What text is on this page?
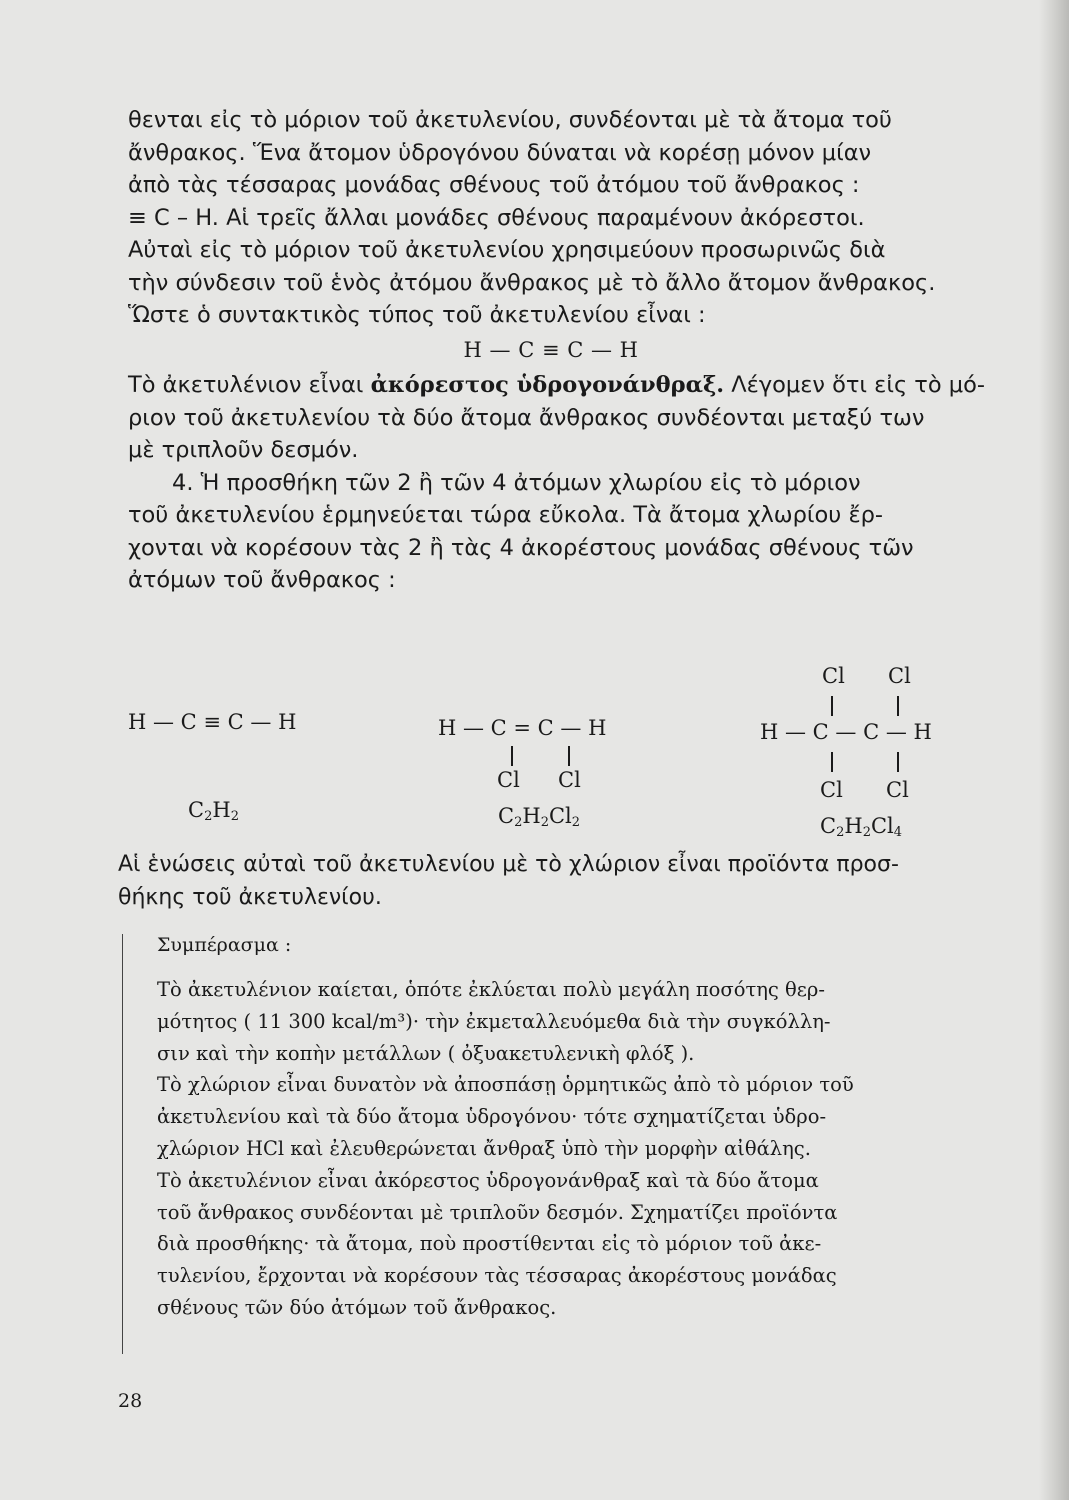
θενται εἰς τὸ μόριον τοῦ ἀκετυλενίου, συνδέονται μὲ τὰ ἄτομα τοῦ
ἄνθρακος. Ἕνα ἄτομον ὑδρογόνου δύναται νὰ κορέσῃ μόνον μίαν
ἀπὸ τὰς τέσσαρας μονάδας σθένους τοῦ ἀτόμου τοῦ ἄνθρακος :
≡ C – H. Αἱ τρεῖς ἄλλαι μονάδες σθένους παραμένουν ἀκόρεστοι.
Αὐταὶ εἰς τὸ μόριον τοῦ ἀκετυλενίου χρησιμεύουν προσωρινῶς διὰ
τὴν σύνδεσιν τοῦ ἑνὸς ἀτόμου ἄνθρακος μὲ τὸ ἄλλο ἄτομον ἄνθρακος.
Ὥστε ὁ συντακτικὸς τύπος τοῦ ἀκετυλενίου εἶναι :
H — C ≡ C — H
Τὸ ἀκετυλένιον εἶναι ἀκόρεστος ὑδρογονάνθραξ. Λέγομεν ὅτι εἰς τὸ μό-
ριον τοῦ ἀκετυλενίου τὰ δύο ἄτομα ἄνθρακος συνδέονται μεταξύ των
μὲ τριπλοῦν δεσμόν.
4. Ἡ προσθήκη τῶν 2 ἢ τῶν 4 ἀτόμων χλωρίου εἰς τὸ μόριον
τοῦ ἀκετυλενίου ἑρμηνεύεται τώρα εὔκολα. Τὰ ἄτομα χλωρίου ἔρ-
χονται νὰ κορέσουν τὰς 2 ἢ τὰς 4 ἀκορέστους μονάδας σθένους τῶν
ἀτόμων τοῦ ἄνθρακος :
H — C ≡ C — H
$C_2H_2$
H — C = C — H
Cl Cl
$C_2H_2Cl_2$
Cl Cl
H — C — C — H
Cl Cl
$C_2H_2Cl_4$
Αἱ ἑνώσεις αὐταὶ τοῦ ἀκετυλενίου μὲ τὸ χλώριον εἶναι προϊόντα προσ-
θήκης τοῦ ἀκετυλενίου.
Συμπέρασμα :
Τὸ ἀκετυλένιον καίεται, ὁπότε ἐκλύεται πολὺ μεγάλη ποσότης θερ-
μότητος ( 11 300 kcal/m³)· τὴν ἐκμεταλλευόμεθα διὰ τὴν συγκόλλη-
σιν καὶ τὴν κοπὴν μετάλλων ( ὀξυακετυλενικὴ φλόξ ).
Τὸ χλώριον εἶναι δυνατὸν νὰ ἀποσπάσῃ ὁρμητικῶς ἀπὸ τὸ μόριον τοῦ
ἀκετυλενίου καὶ τὰ δύο ἄτομα ὑδρογόνου· τότε σχηματίζεται ὑδρο-
χλώριον HCl καὶ ἐλευθερώνεται ἄνθραξ ὑπὸ τὴν μορφὴν αἰθάλης.
Τὸ ἀκετυλένιον εἶναι ἀκόρεστος ὑδρογονάνθραξ καὶ τὰ δύο ἄτομα
τοῦ ἄνθρακος συνδέονται μὲ τριπλοῦν δεσμόν. Σχηματίζει προϊόντα
διὰ προσθήκης· τὰ ἄτομα, ποὺ προστίθενται εἰς τὸ μόριον τοῦ ἀκε-
τυλενίου, ἔρχονται νὰ κορέσουν τὰς τέσσαρας ἀκορέστους μονάδας
σθένους τῶν δύο ἀτόμων τοῦ ἄνθρακος.
28
